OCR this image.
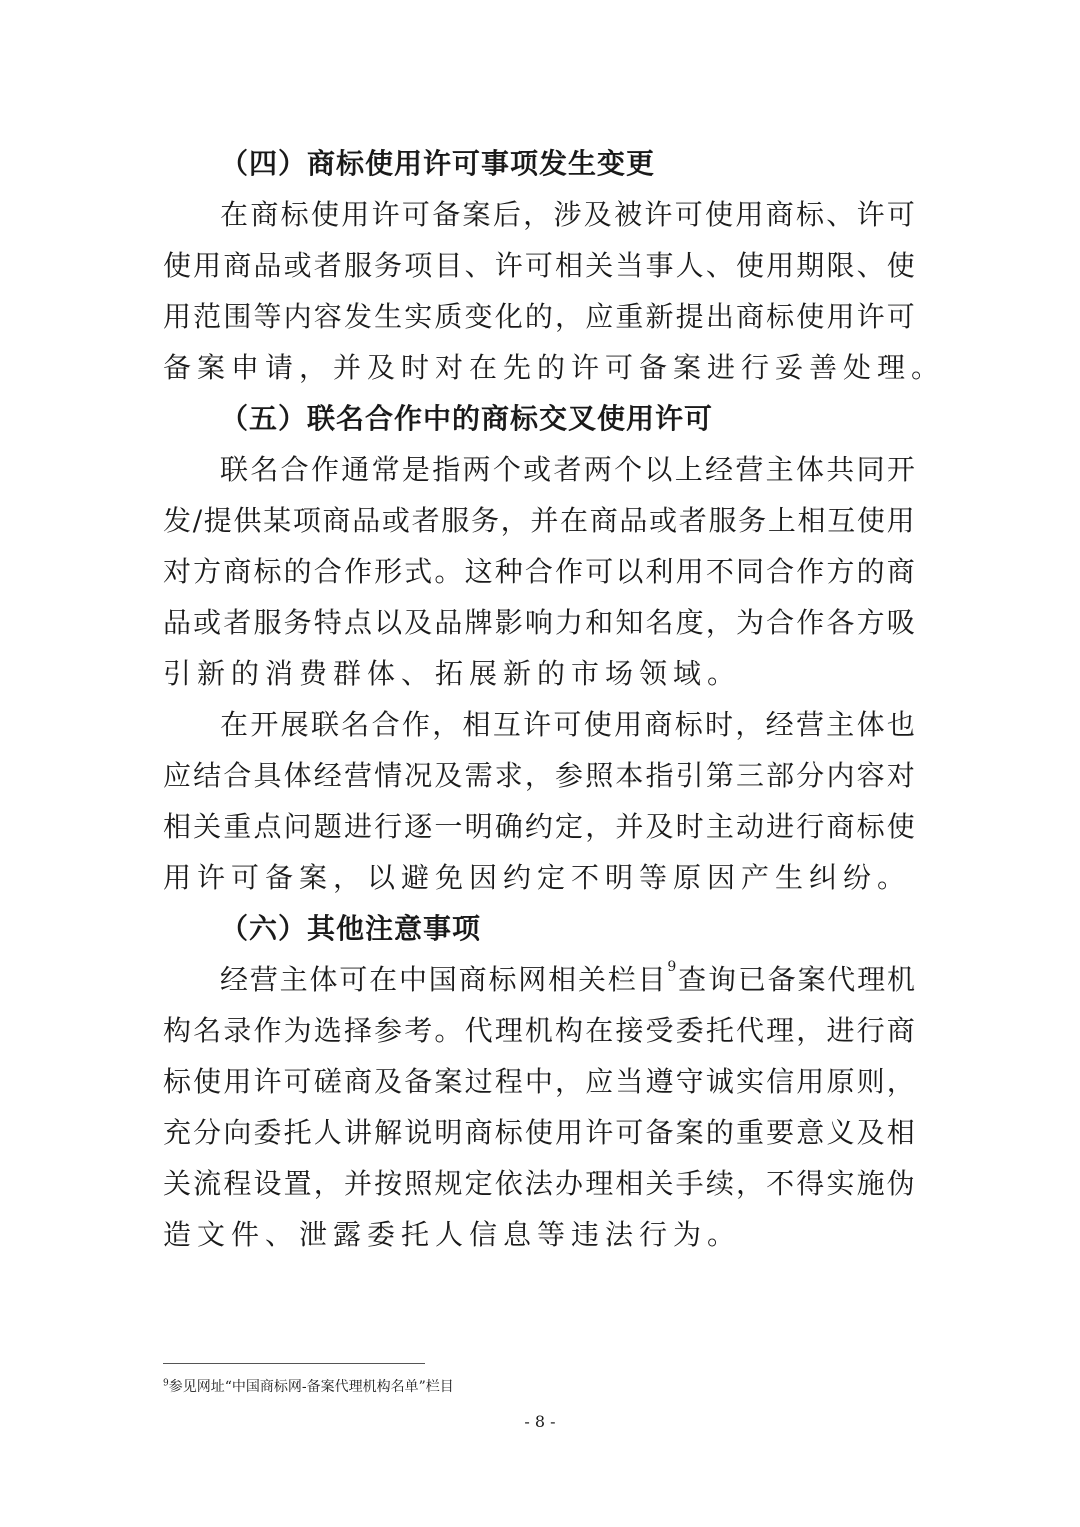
（四）商标使用许可事项发生变更
在 商 标 使 用 许 可 备 案 后 ， 涉 及 被 许 可 使 用 商 标 、 许 可
使 用 商 品 或 者 服 务 项 目 、 许 可 相 关 当 事 人 、 使 用 期 限 、 使
用 范 围 等 内 容 发 生 实 质 变 化 的 ， 应 重 新 提 出 商 标 使 用 许 可
备案申请，并及时对在先的许可备案进行妥善处理。
（五）联名合作中的商标交叉使用许可
联 名 合 作 通 常 是 指 两 个 或 者 两 个 以 上 经 营 主 体 共 同 开
发 / 提 供 某 项 商 品 或 者 服 务 ， 并 在 商 品 或 者 服 务 上 相 互 使 用
对 方 商 标 的 合 作 形 式 。 这 种 合 作 可 以 利 用 不 同 合 作 方 的 商
品 或 者 服 务 特 点 以 及 品 牌 影 响 力 和 知 名 度 ， 为 合 作 各 方 吸
引新的消费群体、拓展新的市场领域。
在 开 展 联 名 合 作 ， 相 互 许 可 使 用 商 标 时 ， 经 营 主 体 也
应 结 合 具 体 经 营 情 况 及 需 求 ， 参 照 本 指 引 第 三 部 分 内 容 对
相 关 重 点 问 题 进 行 逐 一 明 确 约 定 ， 并 及 时 主 动 进 行 商 标 使
用许可备案，以避免因约定不明等原因产生纠纷。
（六）其他注意事项
经 营 主 体 可 在 中 国 商 标 网 相 关 栏 目 $^9$ 查 询 已 备 案 代 理 机
构 名 录 作 为 选 择 参 考 。 代 理 机 构 在 接 受 委 托 代 理 ， 进 行 商
标 使 用 许 可 磋 商 及 备 案 过 程 中 ， 应 当 遵 守 诚 实 信 用 原 则 ，
充 分 向 委 托 人 讲 解 说 明 商 标 使 用 许 可 备 案 的 重 要 意 义 及 相
关 流 程 设 置 ， 并 按 照 规 定 依 法 办 理 相 关 手 续 ， 不 得 实 施 伪
造文件、泄露委托人信息等违法行为。
$^9$参见网址“中国商标网-备案代理机构名单”栏目
- 8 -
